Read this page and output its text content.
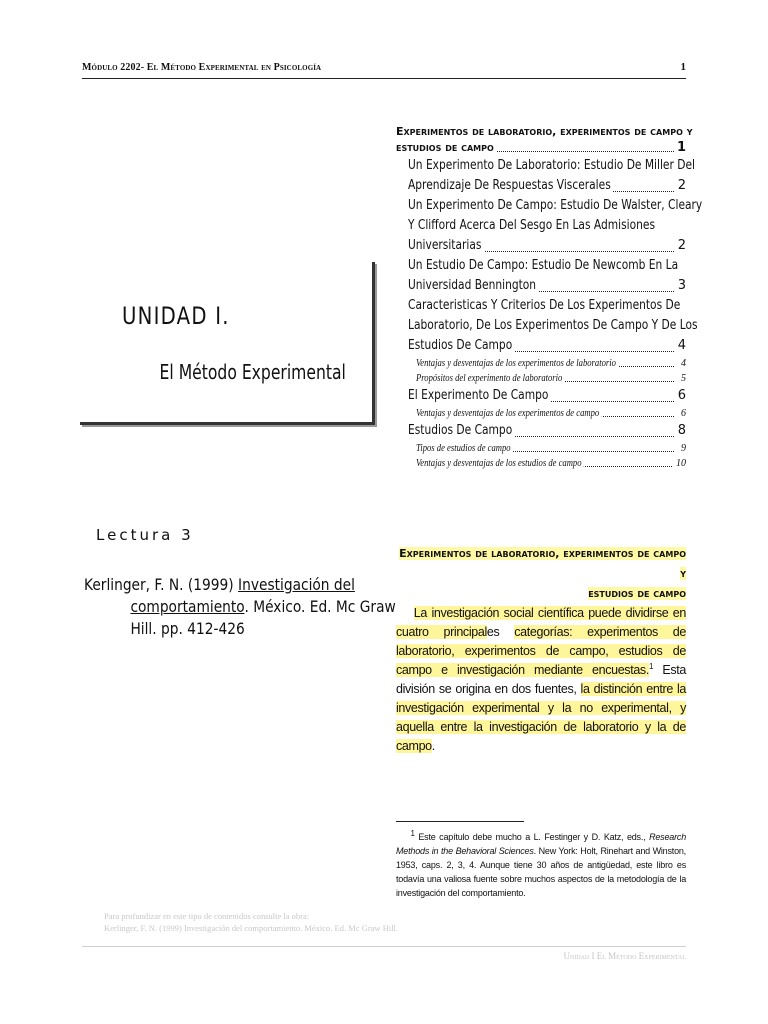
Módulo 2202- El Método Experimental en Psicología	1
UNIDAD I.
El Método Experimental
Lectura 3
Kerlinger, F. N. (1999) Investigación del
comportamiento. México. Ed. Mc Graw
Hill. pp. 412-426
Experimentos de laboratorio, experimentos de campo y
estudios de campo	1
Un Experimento De Laboratorio: Estudio De Miller Del
Aprendizaje De Respuestas Viscerales	2
Un Experimento De Campo: Estudio De Walster, Cleary
Y Clifford Acerca Del Sesgo En Las Admisiones
Universitarias	2
Un Estudio De Campo: Estudio De Newcomb En La
Universidad Bennington	3
Caracteristicas Y Criterios De Los Experimentos De
Laboratorio, De Los Experimentos De Campo Y De Los
Estudios De Campo	4
Ventajas y desventajas de los experimentos de laboratorio	4
Propósitos del experimento de laboratorio	5
El Experimento De Campo	6
Ventajas y desventajas de los experimentos de campo	6
Estudios De Campo	8
Tipos de estudios de campo	9
Ventajas y desventajas de los estudios de campo	10
Experimentos de laboratorio, experimentos de campo y
estudios de campo
La investigación social científica puede dividirse en cuatro principales categorías: experimentos de laboratorio, experimentos de campo, estudios de campo e investigación mediante encuestas.$^1$ Esta división se origina en dos fuentes, la distinción entre la investigación experimental y la no experimental, y aquella entre la investigación de laboratorio y la de campo.
1 Este capítulo debe mucho a L. Festinger y D. Katz, eds., Research Methods in the Behavioral Sciences. New York: Holt, Rinehart and Winston, 1953, caps. 2, 3, 4. Aunque tiene 30 años de antigüedad, este libro es todavía una valiosa fuente sobre muchos aspectos de la metodología de la investigación del comportamiento.
Para profundizar en este tipo de contenidos consulte la obra:
Kerlinger, F. N. (1999) Investigación del comportamiento. México. Ed. Mc Graw Hill.
Unidad I El Método Experimental
